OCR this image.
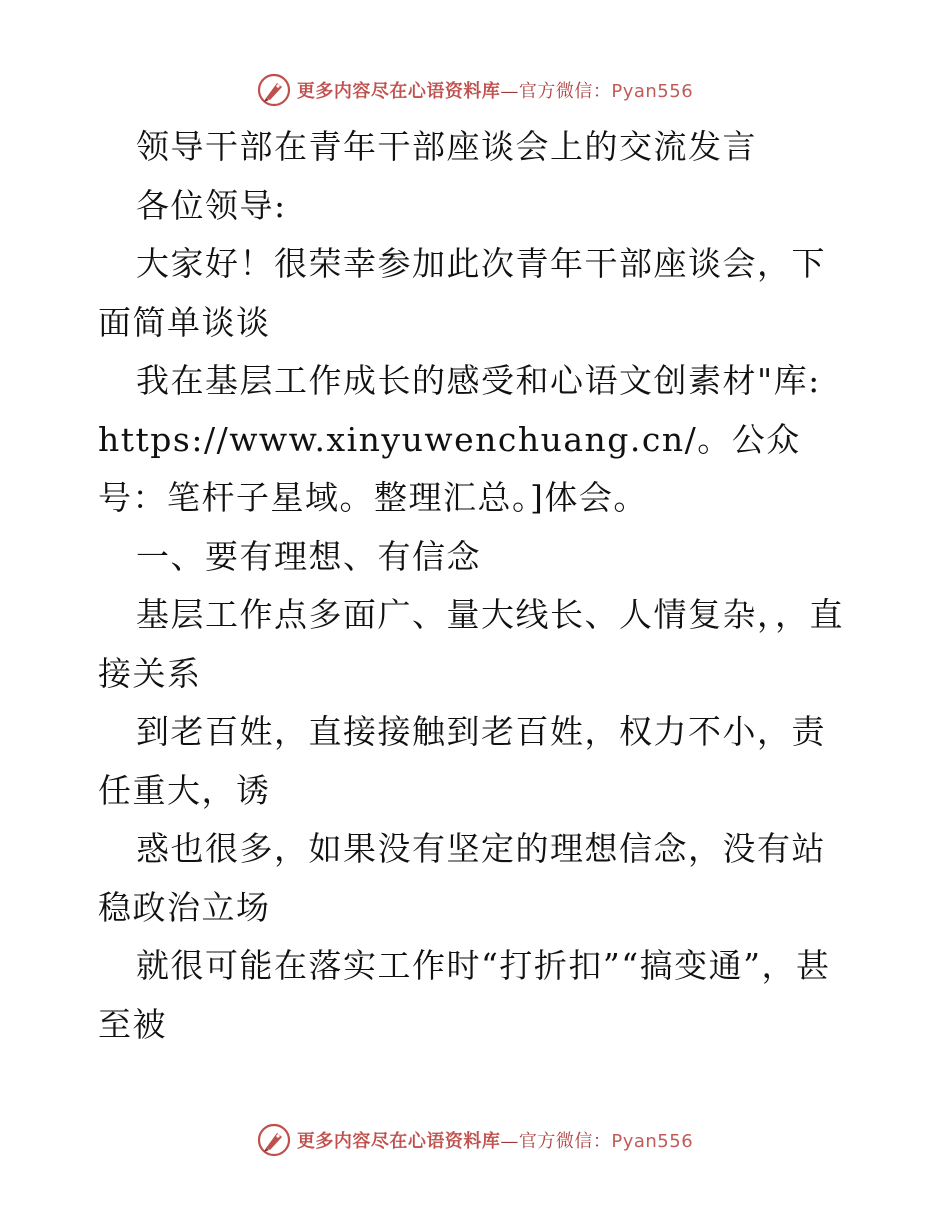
更多内容尽在心语资料库—官方微信：Pyan556

领导干部在青年干部座谈会上的交流发言

各位领导:

大家好！很荣幸参加此次青年干部座谈会，下面简单谈谈

我在基层工作成长的感受和心语文创素材"库: https://www.xinyuwenchuang.cn/。公众号：笔杆子星域。整理汇总。]体会。

一、要有理想、有信念

基层工作点多面广、量大线长、人情复杂，，直接关系

到老百姓，直接接触到老百姓，权力不小，责任重大，诱

惑也很多，如果没有坚定的理想信念，没有站稳政治立场

就很可能在落实工作时“打折扣”“搞变通”，甚至被

更多内容尽在心语资料库—官方微信：Pyan556
